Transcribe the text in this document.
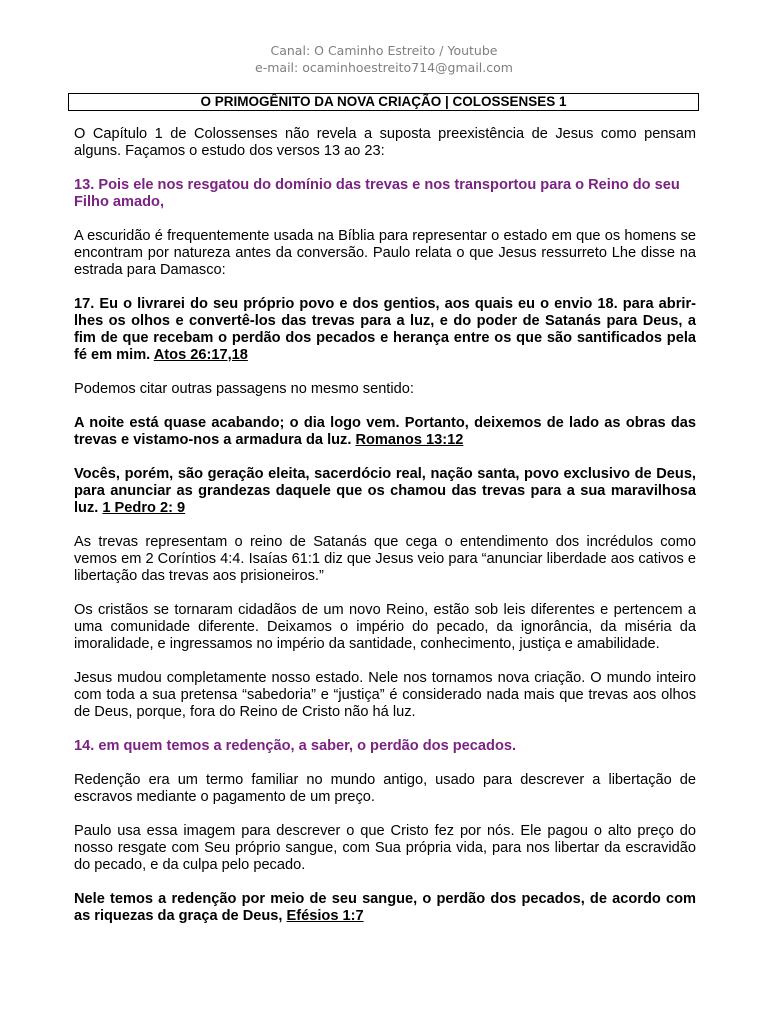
Canal: O Caminho Estreito / Youtube
e-mail: ocaminhoestreito714@gmail.com
O PRIMOGÊNITO DA NOVA CRIAÇÃO | COLOSSENSES 1

O Capítulo 1 de Colossenses não revela a suposta preexistência de Jesus como pensam alguns. Façamos o estudo dos versos 13 ao 23:

13. Pois ele nos resgatou do domínio das trevas e nos transportou para o Reino do seu Filho amado,

A escuridão é frequentemente usada na Bíblia para representar o estado em que os homens se encontram por natureza antes da conversão. Paulo relata o que Jesus ressurreto Lhe disse na estrada para Damasco:

17. Eu o livrarei do seu próprio povo e dos gentios, aos quais eu o envio 18. para abrir-lhes os olhos e convertê-los das trevas para a luz, e do poder de Satanás para Deus, a fim de que recebam o perdão dos pecados e herança entre os que são santificados pela fé em mim. Atos 26:17,18

Podemos citar outras passagens no mesmo sentido:

A noite está quase acabando; o dia logo vem. Portanto, deixemos de lado as obras das trevas e vistamo-nos a armadura da luz. Romanos 13:12

Vocês, porém, são geração eleita, sacerdócio real, nação santa, povo exclusivo de Deus, para anunciar as grandezas daquele que os chamou das trevas para a sua maravilhosa luz. 1 Pedro 2: 9

As trevas representam o reino de Satanás que cega o entendimento dos incrédulos como vemos em 2 Coríntios 4:4. Isaías 61:1 diz que Jesus veio para “anunciar liberdade aos cativos e libertação das trevas aos prisioneiros.”

Os cristãos se tornaram cidadãos de um novo Reino, estão sob leis diferentes e pertencem a uma comunidade diferente. Deixamos o império do pecado, da ignorância, da miséria da imoralidade, e ingressamos no império da santidade, conhecimento, justiça e amabilidade.

Jesus mudou completamente nosso estado. Nele nos tornamos nova criação. O mundo inteiro com toda a sua pretensa “sabedoria” e “justiça” é considerado nada mais que trevas aos olhos de Deus, porque, fora do Reino de Cristo não há luz.

14. em quem temos a redenção, a saber, o perdão dos pecados.

Redenção era um termo familiar no mundo antigo, usado para descrever a libertação de escravos mediante o pagamento de um preço.

Paulo usa essa imagem para descrever o que Cristo fez por nós. Ele pagou o alto preço do nosso resgate com Seu próprio sangue, com Sua própria vida, para nos libertar da escravidão do pecado, e da culpa pelo pecado.

Nele temos a redenção por meio de seu sangue, o perdão dos pecados, de acordo com as riquezas da graça de Deus, Efésios 1:7
